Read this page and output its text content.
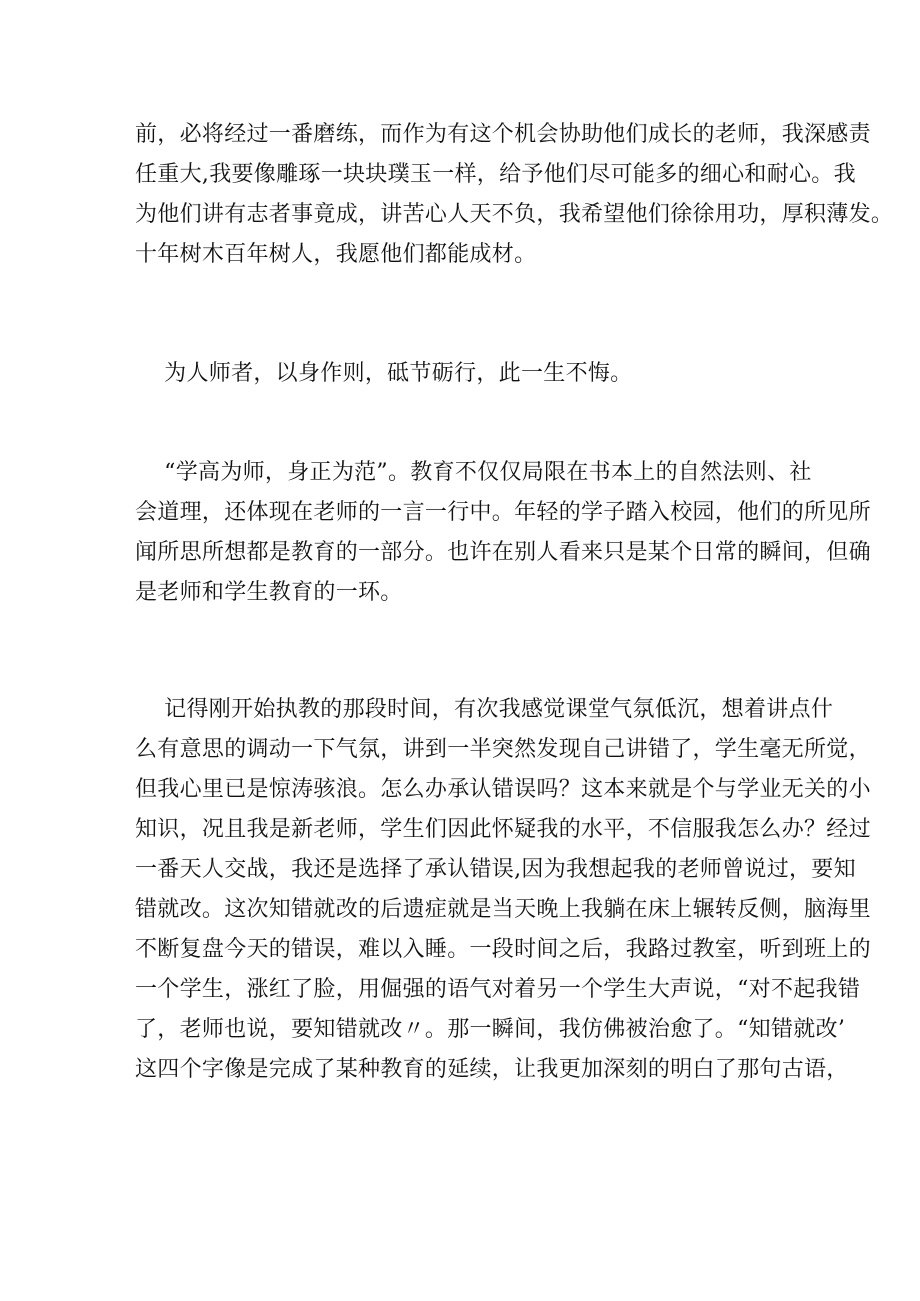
前，必将经过一番磨练，而作为有这个机会协助他们成长的老师，我深感责
任重大,我要像雕琢一块块璞玉一样，给予他们尽可能多的细心和耐心。我
为他们讲有志者事竟成，讲苦心人天不负，我希望他们徐徐用功，厚积薄发。
十年树木百年树人，我愿他们都能成材。
为人师者，以身作则，砥节砺行，此一生不悔。
“学高为师，身正为范”。教育不仅仅局限在书本上的自然法则、社
会道理，还体现在老师的一言一行中。年轻的学子踏入校园，他们的所见所
闻所思所想都是教育的一部分。也许在别人看来只是某个日常的瞬间，但确
是老师和学生教育的一环。
记得刚开始执教的那段时间，有次我感觉课堂气氛低沉，想着讲点什
么有意思的调动一下气氛，讲到一半突然发现自己讲错了，学生毫无所觉，
但我心里已是惊涛骇浪。怎么办承认错误吗？这本来就是个与学业无关的小
知识，况且我是新老师，学生们因此怀疑我的水平，不信服我怎么办？经过
一番天人交战，我还是选择了承认错误,因为我想起我的老师曾说过，要知
错就改。这次知错就改的后遗症就是当天晚上我躺在床上辗转反侧，脑海里
不断复盘今天的错误，难以入睡。一段时间之后，我路过教室，听到班上的
一个学生，涨红了脸，用倔强的语气对着另一个学生大声说，“对不起我错
了，老师也说，要知错就改〃。那一瞬间，我仿佛被治愈了。“知错就改’
这四个字像是完成了某种教育的延续，让我更加深刻的明白了那句古语，
